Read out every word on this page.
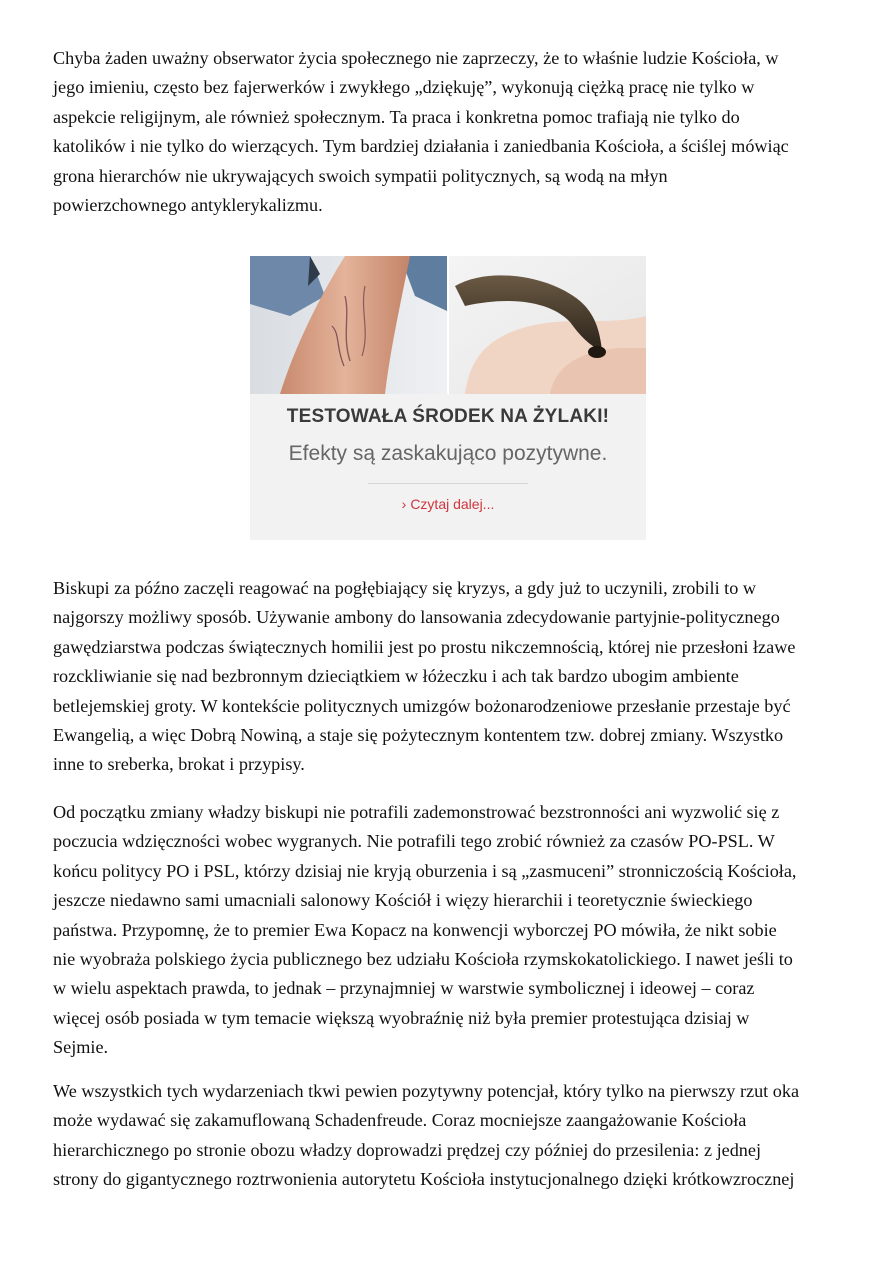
Chyba żaden uważny obserwator życia społecznego nie zaprzeczy, że to właśnie ludzie Kościoła, w
jego imieniu, często bez fajerwerków i zwykłego „dziękuję”, wykonują ciężką pracę nie tylko w
aspekcie religijnym, ale również społecznym. Ta praca i konkretna pomoc trafiają nie tylko do
katolików i nie tylko do wierzących. Tym bardziej działania i zaniedbania Kościoła, a ściślej mówiąc
grona hierarchów nie ukrywających swoich sympatii politycznych, są wodą na młyn
powierzchownego antyklerykalizmu.

TESTOWAŁA ŚRODEK NA ŻYLAKI!
Efekty są zaskakująco pozytywne.
› Czytaj dalej...

Biskupi za późno zaczęli reagować na pogłębiający się kryzys, a gdy już to uczynili, zrobili to w
najgorszy możliwy sposób. Używanie ambony do lansowania zdecydowanie partyjnie-politycznego
gawędziarstwa podczas świątecznych homilii jest po prostu nikczemnością, której nie przesłoni łzawe
rozckliwianie się nad bezbronnym dzieciątkiem w łóżeczku i ach tak bardzo ubogim ambiente
betlejemskiej groty. W kontekście politycznych umizgów bożonarodzeniowe przesłanie przestaje być
Ewangelią, a więc Dobrą Nowiną, a staje się pożytecznym kontentem tzw. dobrej zmiany. Wszystko
inne to sreberka, brokat i przypisy.

Od początku zmiany władzy biskupi nie potrafili zademonstrować bezstronności ani wyzwolić się z
poczucia wdzięczności wobec wygranych. Nie potrafili tego zrobić również za czasów PO-PSL. W
końcu politycy PO i PSL, którzy dzisiaj nie kryją oburzenia i są „zasmuceni” stronniczością Kościoła,
jeszcze niedawno sami umacniali salonowy Kościół i więzy hierarchii i teoretycznie świeckiego
państwa. Przypomnę, że to premier Ewa Kopacz na konwencji wyborczej PO mówiła, że nikt sobie
nie wyobraża polskiego życia publicznego bez udziału Kościoła rzymskokatolickiego. I nawet jeśli to
w wielu aspektach prawda, to jednak – przynajmniej w warstwie symbolicznej i ideowej – coraz
więcej osób posiada w tym temacie większą wyobraźnię niż była premier protestująca dzisiaj w
Sejmie.

We wszystkich tych wydarzeniach tkwi pewien pozytywny potencjał, który tylko na pierwszy rzut oka
może wydawać się zakamuflowaną Schadenfreude. Coraz mocniejsze zaangażowanie Kościoła
hierarchicznego po stronie obozu władzy doprowadzi prędzej czy później do przesilenia: z jednej
strony do gigantycznego roztrwonienia autorytetu Kościoła instytucjonalnego dzięki krótkowzrocznej
